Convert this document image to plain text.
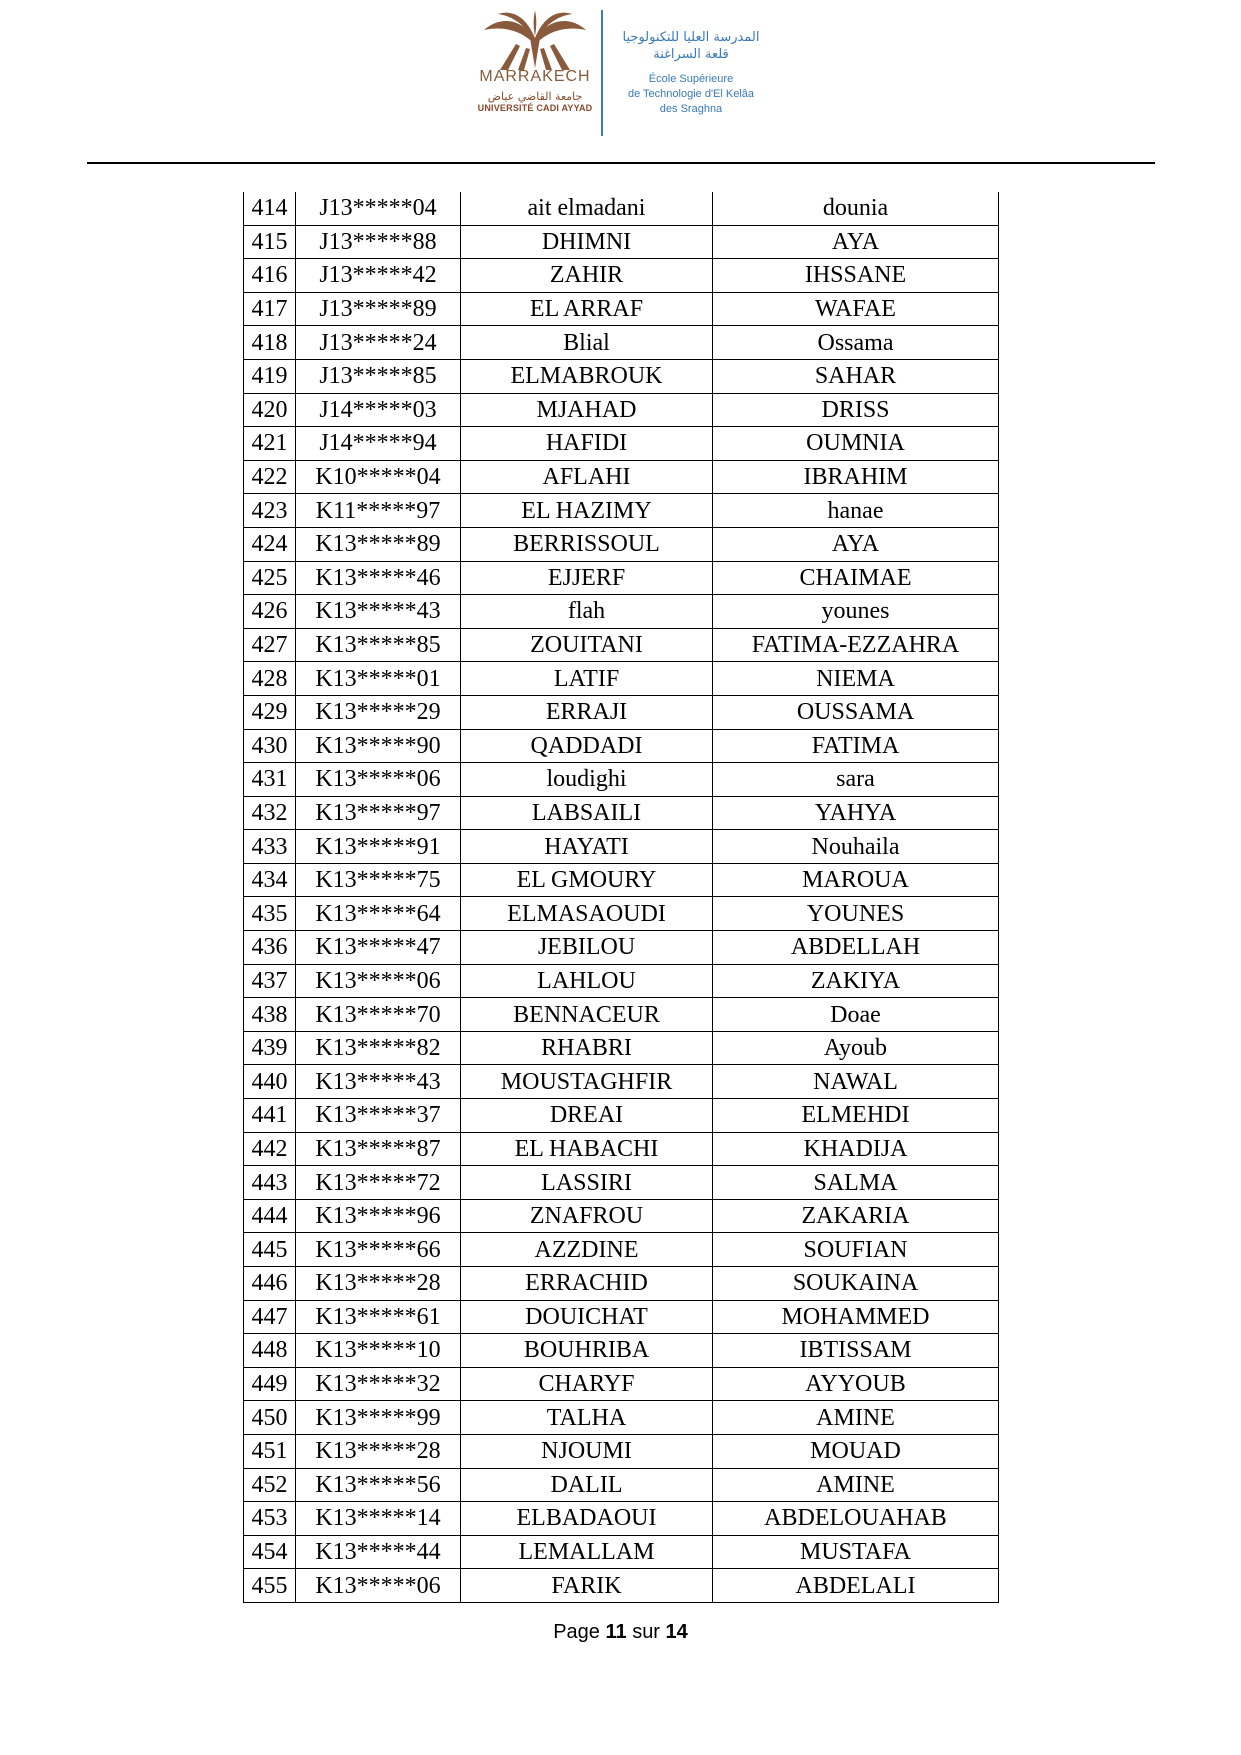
MARRAKECH
جامعة القاضي عياض
UNIVERSITÉ CADI AYYAD
المدرسة العليا للتكنولوجيا
قلعة السراغنة
École Supérieure
de Technologie d'El Kelâa
des Sraghna
414	J13*****04	ait elmadani	dounia
415	J13*****88	DHIMNI	AYA
416	J13*****42	ZAHIR	IHSSANE
417	J13*****89	EL ARRAF	WAFAE
418	J13*****24	Blial	Ossama
419	J13*****85	ELMABROUK	SAHAR
420	J14*****03	MJAHAD	DRISS
421	J14*****94	HAFIDI	OUMNIA
422	K10*****04	AFLAHI	IBRAHIM
423	K11*****97	EL HAZIMY	hanae
424	K13*****89	BERRISSOUL	AYA
425	K13*****46	EJJERF	CHAIMAE
426	K13*****43	flah	younes
427	K13*****85	ZOUITANI	FATIMA-EZZAHRA
428	K13*****01	LATIF	NIEMA
429	K13*****29	ERRAJI	OUSSAMA
430	K13*****90	QADDADI	FATIMA
431	K13*****06	loudighi	sara
432	K13*****97	LABSAILI	YAHYA
433	K13*****91	HAYATI	Nouhaila
434	K13*****75	EL GMOURY	MAROUA
435	K13*****64	ELMASAOUDI	YOUNES
436	K13*****47	JEBILOU	ABDELLAH
437	K13*****06	LAHLOU	ZAKIYA
438	K13*****70	BENNACEUR	Doae
439	K13*****82	RHABRI	Ayoub
440	K13*****43	MOUSTAGHFIR	NAWAL
441	K13*****37	DREAI	ELMEHDI
442	K13*****87	EL HABACHI	KHADIJA
443	K13*****72	LASSIRI	SALMA
444	K13*****96	ZNAFROU	ZAKARIA
445	K13*****66	AZZDINE	SOUFIAN
446	K13*****28	ERRACHID	SOUKAINA
447	K13*****61	DOUICHAT	MOHAMMED
448	K13*****10	BOUHRIBA	IBTISSAM
449	K13*****32	CHARYF	AYYOUB
450	K13*****99	TALHA	AMINE
451	K13*****28	NJOUMI	MOUAD
452	K13*****56	DALIL	AMINE
453	K13*****14	ELBADAOUI	ABDELOUAHAB
454	K13*****44	LEMALLAM	MUSTAFA
455	K13*****06	FARIK	ABDELALI
Page 11 sur 14
